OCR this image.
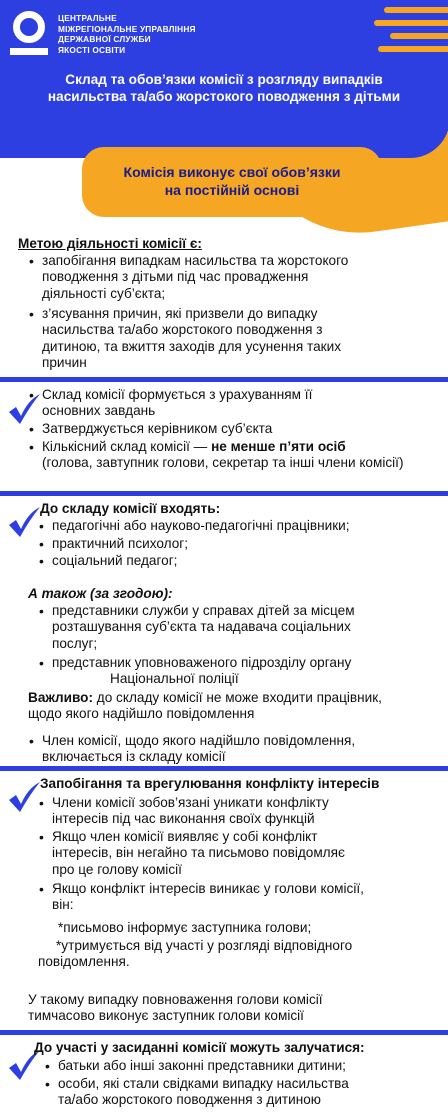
ЦЕНТРАЛЬНЕ
МІЖРЕГІОНАЛЬНЕ УПРАВЛІННЯ
ДЕРЖАВНОЇ СЛУЖБИ
ЯКОСТІ ОСВІТИ
Склад та обов’язки комісії з розгляду випадків
насильства та/або жорстокого поводження з дітьми
Комісія виконує свої обов’язки
на постійній основі
Метою діяльності комісії є:
• запобігання випадкам насильства та жорстокого
поводження з дітьми під час провадження
діяльності суб’єкта;
• з’ясування причин, які призвели до випадку
насильства та/або жорстокого поводження з
дитиною, та вжиття заходів для усунення таких
причин
• Склад комісії формується з урахуванням її
основних завдань
• Затверджується керівником суб’єкта
• Кількісний склад комісії — не менше п’яти осіб
(голова, завтупник голови, секретар та інші члени комісії)
До складу комісії входять:
• педагогічні або науково-педагогічні працівники;
• практичний психолог;
• соціальний педагог;
А також (за згодою):
• представники служби у справах дітей за місцем
розташування суб’єкта та надавача соціальних
послуг;
• представник уповноваженого підрозділу органу
Національної поліції
Важливо: до складу комісії не може входити працівник,
щодо якого надійшло повідомлення
• Член комісії, щодо якого надійшло повідомлення,
включається із складу комісії
Запобігання та врегулювання конфлікту інтересів
• Члени комісії зобов’язані уникати конфлікту
інтересів під час виконання своїх функцій
• Якщо член комісії виявляє у собі конфлікт
інтересів, він негайно та письмово повідомляє
про це голову комісії
• Якщо конфлікт інтересів виникає у голови комісії,
він:
*письмово інформує заступника голови;
*утримується від участі у розгляді відповідного
повідомлення.
У такому випадку повноваження голови комісії
тимчасово виконує заступник голови комісії
До участі у засиданні комісії можуть залучатися:
• батьки або інші законні представники дитини;
• особи, які стали свідками випадку насильства
та/або жорстокого поводження з дитиною
